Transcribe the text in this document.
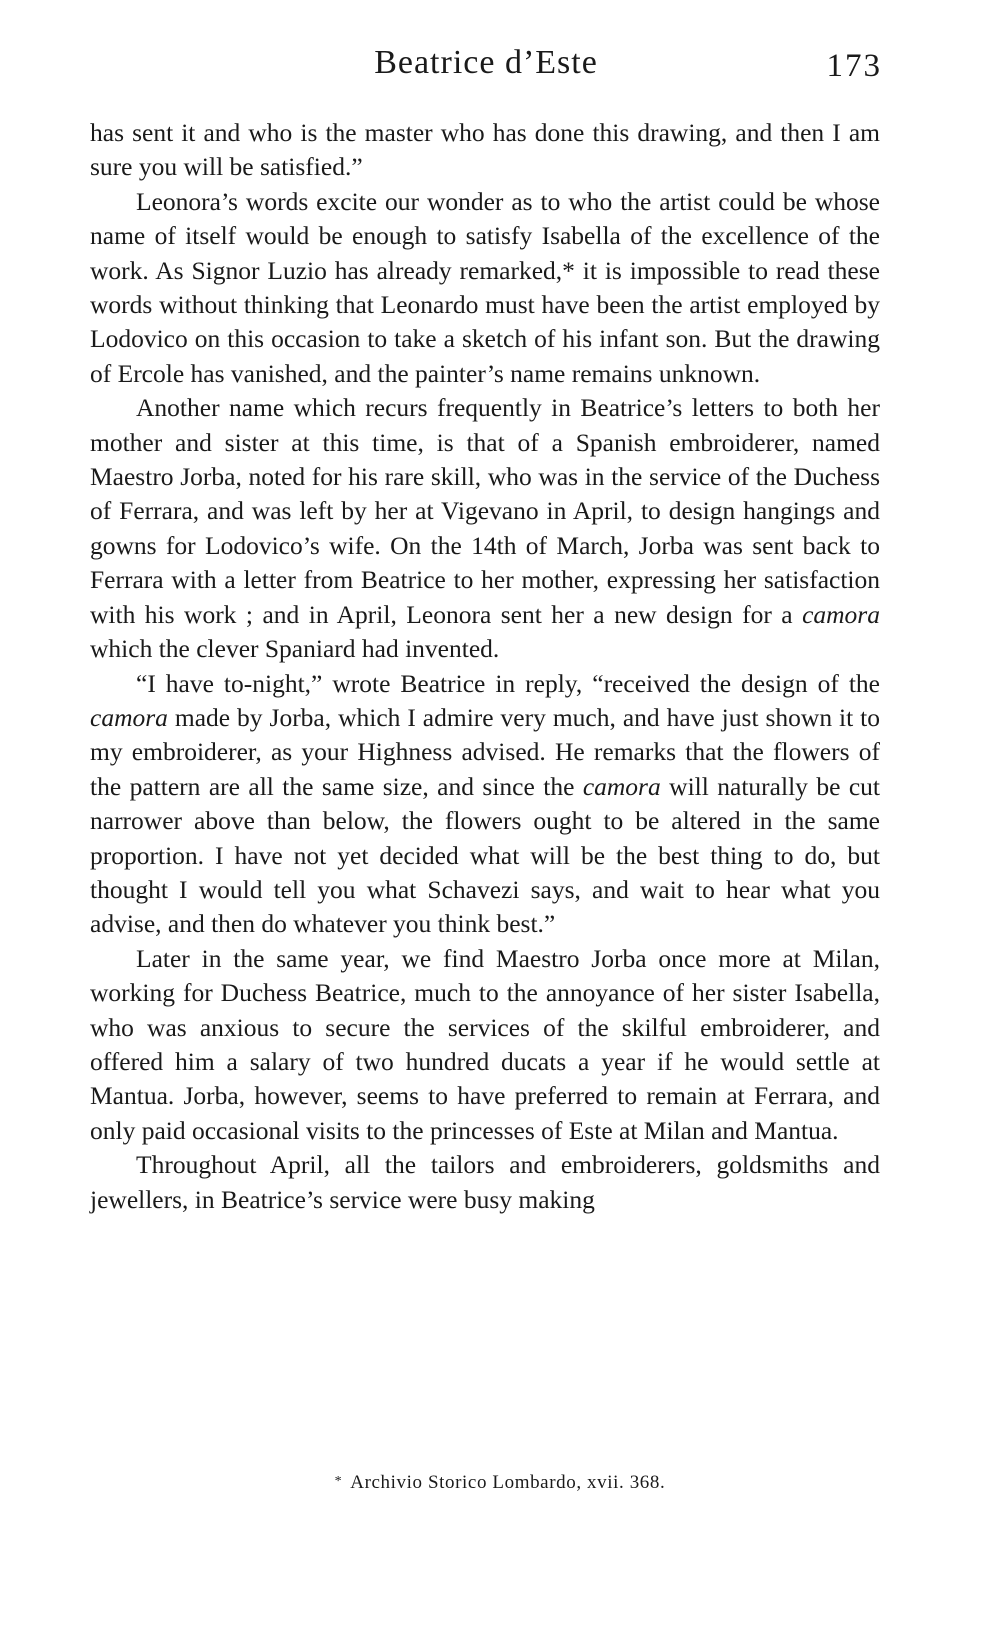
Beatrice d’Este	173

has sent it and who is the master who has done this drawing, and then I am sure you will be satisfied.”

Leonora’s words excite our wonder as to who the artist could be whose name of itself would be enough to satisfy Isabella of the excellence of the work. As Signor Luzio has already remarked,* it is impossible to read these words without thinking that Leonardo must have been the artist employed by Lodovico on this occasion to take a sketch of his infant son. But the drawing of Ercole has vanished, and the painter’s name remains unknown.

Another name which recurs frequently in Beatrice’s letters to both her mother and sister at this time, is that of a Spanish embroiderer, named Maestro Jorba, noted for his rare skill, who was in the service of the Duchess of Ferrara, and was left by her at Vigevano in April, to design hangings and gowns for Lodovico’s wife. On the 14th of March, Jorba was sent back to Ferrara with a letter from Beatrice to her mother, expressing her satisfaction with his work ; and in April, Leonora sent her a new design for a camora which the clever Spaniard had invented.

“I have to-night,” wrote Beatrice in reply, “received the design of the camora made by Jorba, which I admire very much, and have just shown it to my embroiderer, as your Highness advised. He remarks that the flowers of the pattern are all the same size, and since the camora will naturally be cut narrower above than below, the flowers ought to be altered in the same proportion. I have not yet decided what will be the best thing to do, but thought I would tell you what Schavezi says, and wait to hear what you advise, and then do whatever you think best.”

Later in the same year, we find Maestro Jorba once more at Milan, working for Duchess Beatrice, much to the annoyance of her sister Isabella, who was anxious to secure the services of the skilful embroiderer, and offered him a salary of two hundred ducats a year if he would settle at Mantua. Jorba, however, seems to have preferred to remain at Ferrara, and only paid occasional visits to the princesses of Este at Milan and Mantua.

Throughout April, all the tailors and embroiderers, goldsmiths and jewellers, in Beatrice’s service were busy making

* Archivio Storico Lombardo, xvii. 368.
